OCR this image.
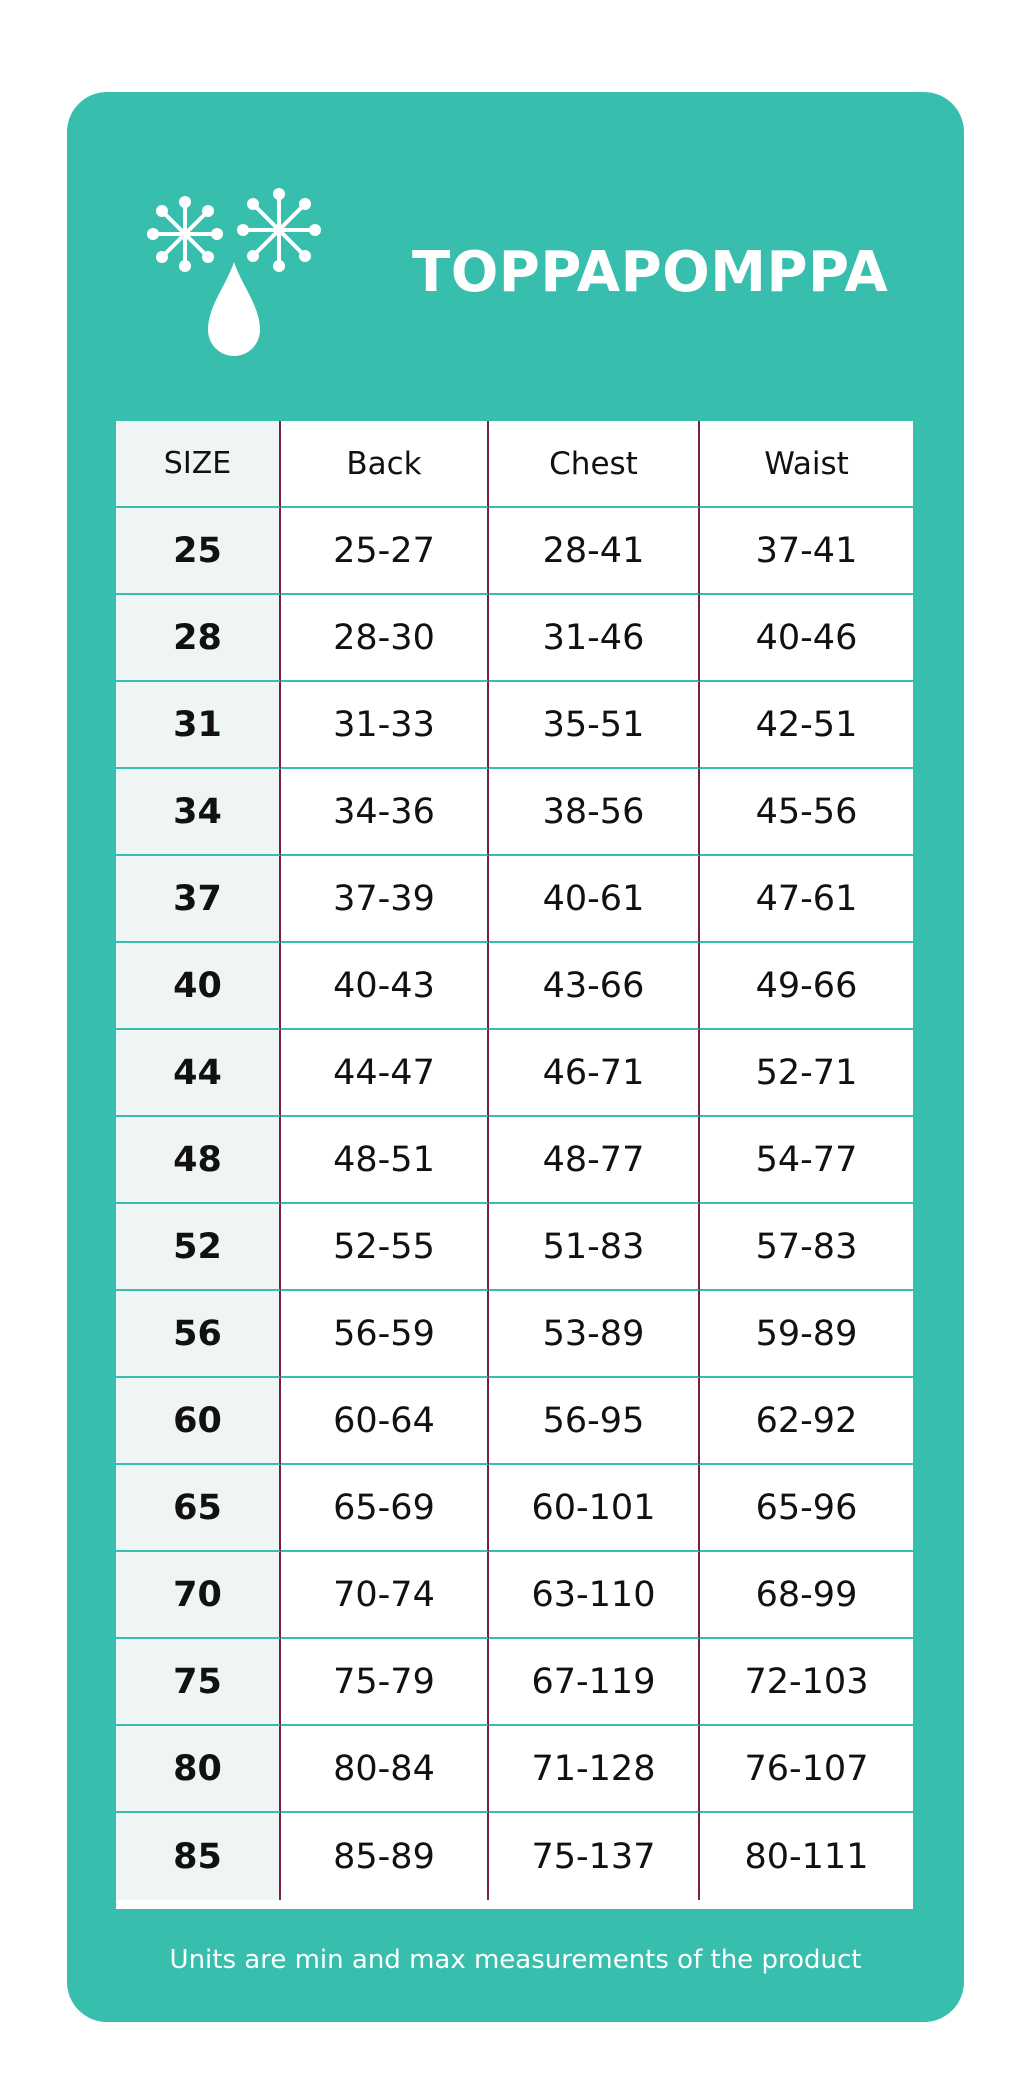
TOPPAPOMPPA
SIZE	Back	Chest	Waist
25	25-27	28-41	37-41
28	28-30	31-46	40-46
31	31-33	35-51	42-51
34	34-36	38-56	45-56
37	37-39	40-61	47-61
40	40-43	43-66	49-66
44	44-47	46-71	52-71
48	48-51	48-77	54-77
52	52-55	51-83	57-83
56	56-59	53-89	59-89
60	60-64	56-95	62-92
65	65-69	60-101	65-96
70	70-74	63-110	68-99
75	75-79	67-119	72-103
80	80-84	71-128	76-107
85	85-89	75-137	80-111

Units are min and max measurements of the product
